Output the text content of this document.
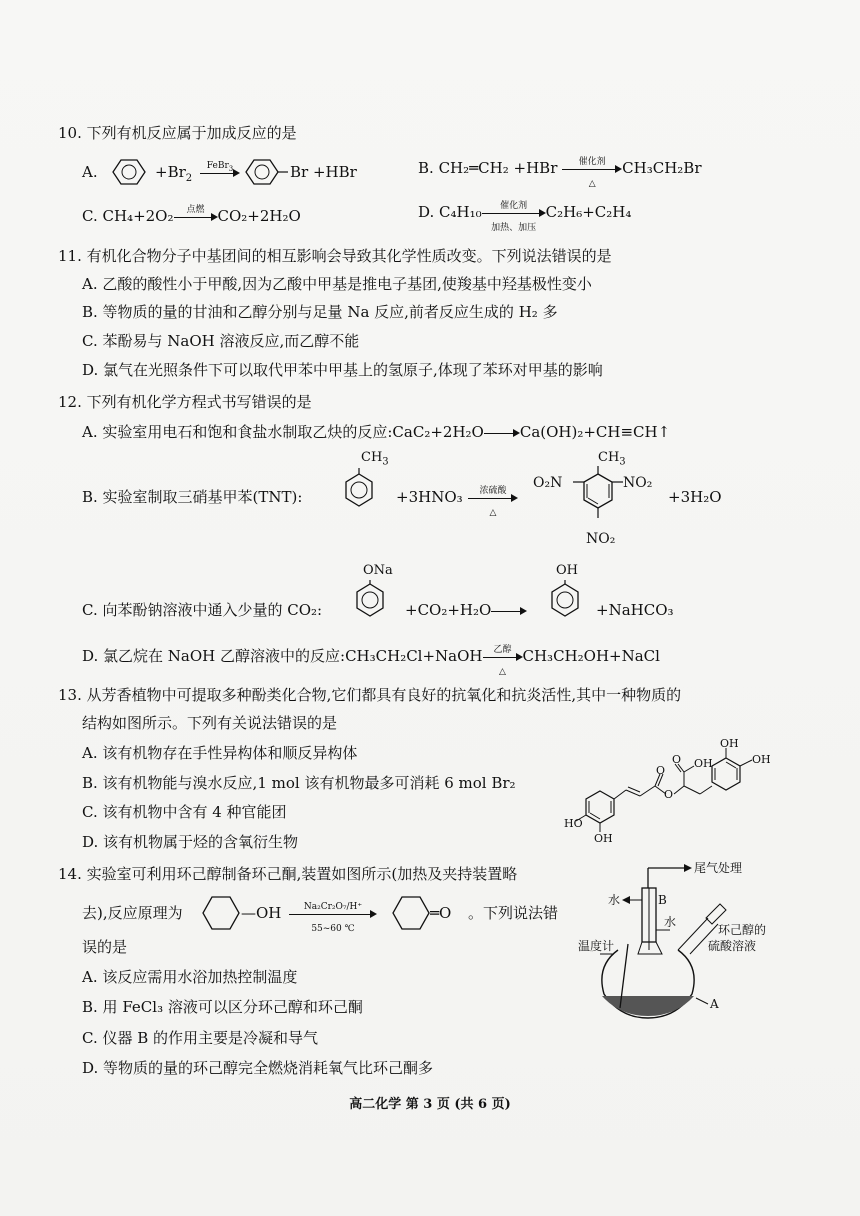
10. 下列有机反应属于加成反应的是
A.	$+Br_2$
FeBr$_3$	Br +HBr	B. CH₂═CH₂ +HBr	催化剂
△
CH₃CH₂Br
C. CH₄+2O₂	点燃 CO₂+2H₂O	D. C₄H₁₀	催化剂
加热、加压
C₂H₆+C₂H₄
11. 有机化合物分子中基团间的相互影响会导致其化学性质改变。下列说法错误的是
A. 乙酸的酸性小于甲酸,因为乙酸中甲基是推电子基团,使羧基中羟基极性变小
B. 等物质的量的甘油和乙醇分别与足量 Na 反应,前者反应生成的 H₂ 多
C. 苯酚易与 NaOH 溶液反应,而乙醇不能
D. 氯气在光照条件下可以取代甲苯中甲基上的氢原子,体现了苯环对甲基的影响
12. 下列有机化学方程式书写错误的是
A. 实验室用电石和饱和食盐水制取乙炔的反应:CaC₂+2H₂O Ca(OH)₂+CH≡CH↑
B. 实验室制取三硝基甲苯(TNT):
$CH_3$
+3HNO₃	浓硫酸
△
$CH_3$
O₂N	NO₂
NO₂
+3H₂O
C. 向苯酚钠溶液中通入少量的 CO₂:
ONa	OH
+CO₂+H₂O	+NaHCO₃
D. 氯乙烷在 NaOH 乙醇溶液中的反应:CH₃CH₂Cl+NaOH	乙醇
△
CH₃CH₂OH+NaCl
13. 从芳香植物中可提取多种酚类化合物,它们都具有良好的抗氧化和抗炎活性,其中一种物质的
结构如图所示。下列有关说法错误的是
A. 该有机物存在手性异构体和顺反异构体
B. 该有机物能与溴水反应,1 mol 该有机物最多可消耗 6 mol Br₂
C. 该有机物中含有 4 种官能团
D. 该有机物属于烃的含氧衍生物
OH
OH
OH
O
O
O
HO
OH
14. 实验室可利用环己醇制备环己酮,装置如图所示(加热及夹持装置略
去),反应原理为	—OH $\frac{\text{Na₂Cr₂O₇/H⁺}}{55\sim 60 ℃}$	═O 。下列说法错
误的是
A. 该反应需用水浴加热控制温度
B. 用 FeCl₃ 溶液可以区分环己醇和环己酮
C. 仪器 B 的作用主要是冷凝和导气
D. 等物质的量的环己醇完全燃烧消耗氧气比环己酮多
尾气处理
水	B
水
环己醇的
硫酸溶液
温度计
A
高二化学 第 3 页 (共 6 页)
